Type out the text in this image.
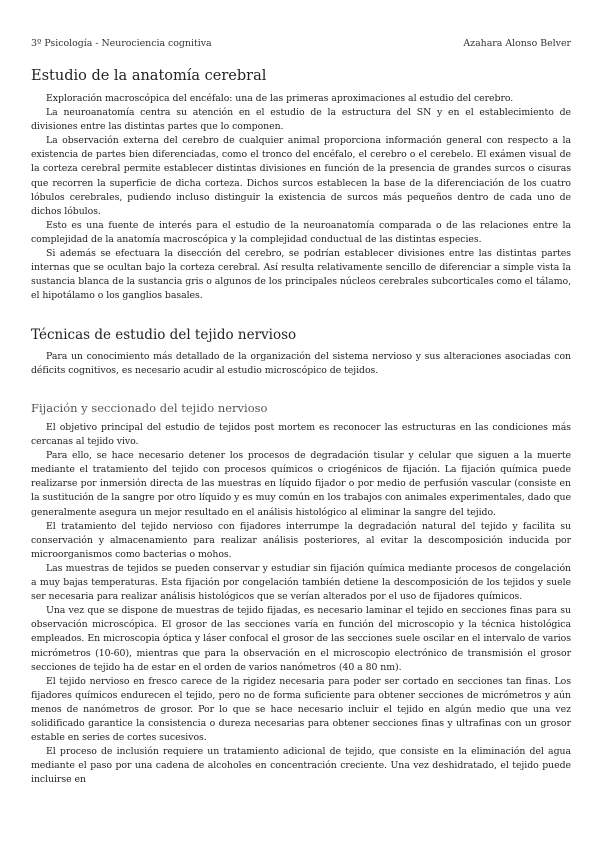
3º Psicología - Neurociencia cognitiva	Azahara Alonso Belver
Estudio de la anatomía cerebral

Exploración macroscópica del encéfalo: una de las primeras aproximaciones al estudio del cerebro.

La neuroanatomía centra su atención en el estudio de la estructura del SN y en el establecimiento de divisiones entre las distintas partes que lo componen.

La observación externa del cerebro de cualquier animal proporciona información general con respecto a la existencia de partes bien diferenciadas, como el tronco del encéfalo, el cerebro o el cerebelo. El exámen visual de la corteza cerebral permite establecer distintas divisiones en función de la presencia de grandes surcos o cisuras que recorren la superficie de dicha corteza. Dichos surcos establecen la base de la diferenciación de los cuatro lóbulos cerebrales, pudiendo incluso distinguir la existencia de surcos más pequeños dentro de cada uno de dichos lóbulos.

Esto es una fuente de interés para el estudio de la neuroanatomía comparada o de las relaciones entre la complejidad de la anatomía macroscópica y la complejidad conductual de las distintas especies.

Si además se efectuara la disección del cerebro, se podrían establecer divisiones entre las distintas partes internas que se ocultan bajo la corteza cerebral. Así resulta relativamente sencillo de diferenciar a simple vista la sustancia blanca de la sustancia gris o algunos de los principales núcleos cerebrales subcorticales como el tálamo, el hipotálamo o los ganglios basales.

Técnicas de estudio del tejido nervioso

Para un conocimiento más detallado de la organización del sistema nervioso y sus alteraciones asociadas con déficits cognitivos, es necesario acudir al estudio microscópico de tejidos.

Fijación y seccionado del tejido nervioso

El objetivo principal del estudio de tejidos post mortem es reconocer las estructuras en las condiciones más cercanas al tejido vivo.

Para ello, se hace necesario detener los procesos de degradación tisular y celular que siguen a la muerte mediante el tratamiento del tejido con procesos químicos o criogénicos de fijación. La fijación química puede realizarse por inmersión directa de las muestras en líquido fijador o por medio de perfusión vascular (consiste en la sustitución de la sangre por otro líquido y es muy común en los trabajos con animales experimentales, dado que generalmente asegura un mejor resultado en el análisis histológico al eliminar la sangre del tejido.

El tratamiento del tejido nervioso con fijadores interrumpe la degradación natural del tejido y facilita su conservación y almacenamiento para realizar análisis posteriores, al evitar la descomposición inducida por microorganismos como bacterias o mohos.

Las muestras de tejidos se pueden conservar y estudiar sin fijación química mediante procesos de congelación a muy bajas temperaturas. Esta fijación por congelación también detiene la descomposición de los tejidos y suele ser necesaria para realizar análisis histológicos que se verían alterados por el uso de fijadores químicos.

Una vez que se dispone de muestras de tejido fijadas, es necesario laminar el tejido en secciones finas para su observación microscópica. El grosor de las secciones varía en función del microscopio y la técnica histológica empleados. En microscopia óptica y láser confocal el grosor de las secciones suele oscilar en el intervalo de varios micrómetros (10-60), mientras que para la observación en el microscopio electrónico de transmisión el grosor secciones de tejido ha de estar en el orden de varios nanómetros (40 a 80 nm).

El tejido nervioso en fresco carece de la rigidez necesaria para poder ser cortado en secciones tan finas. Los fijadores químicos endurecen el tejido, pero no de forma suficiente para obtener secciones de micrómetros y aún menos de nanómetros de grosor. Por lo que se hace necesario incluir el tejido en algún medio que una vez solidificado garantice la consistencia o dureza necesarias para obtener secciones finas y ultrafinas con un grosor estable en series de cortes sucesivos.

El proceso de inclusión requiere un tratamiento adicional de tejido, que consiste en la eliminación del agua mediante el paso por una cadena de alcoholes en concentración creciente. Una vez deshidratado, el tejido puede incluirse en
